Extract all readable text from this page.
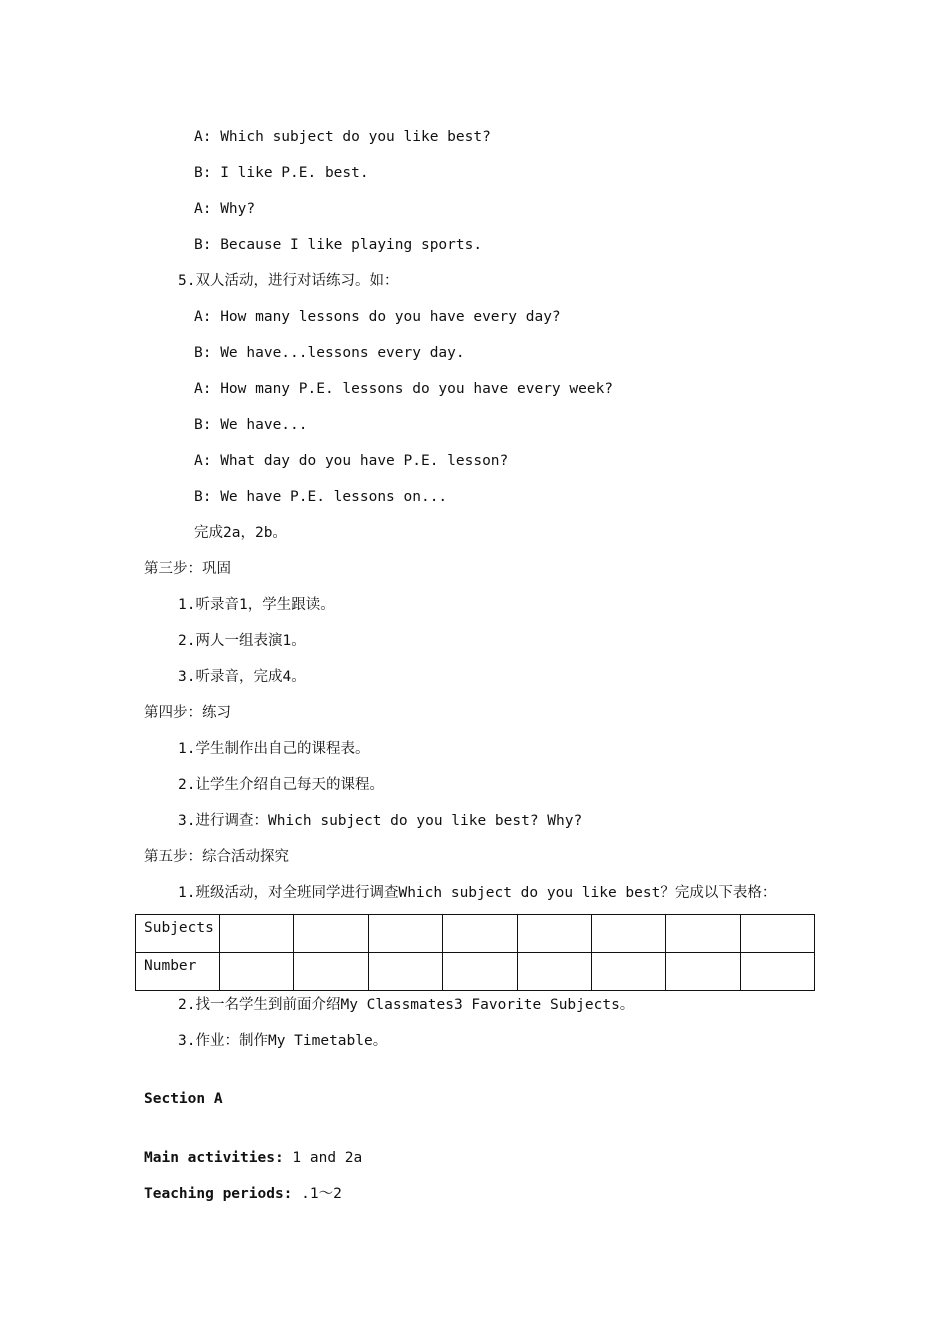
A: Which subject do you like best?
B: I like P.E. best.
A: Why?
B: Because I like playing sports.
5.双人活动，进行对话练习。如：
A: How many lessons do you have every day?
B: We have...lessons every day.
A: How many P.E. lessons do you have every week?
B: We have...
A: What day do you have P.E. lesson?
B: We have P.E. lessons on...
完成2a，2b。
第三步：巩固
1.听录音1，学生跟读。
2.两人一组表演1。
3.听录音，完成4。
第四步：练习
1.学生制作出自己的课程表。
2.让学生介绍自己每天的课程。
3.进行调查：Which subject do you like best? Why?
第五步：综合活动探究
1.班级活动，对全班同学进行调查Which subject do you like best？完成以下表格：
Subjects								
Number								
2.找一名学生到前面介绍My Classmates3 Favorite Subjects。
3.作业：制作My Timetable。
Section A
Main activities: 1 and 2a
Teaching periods: .1～2
